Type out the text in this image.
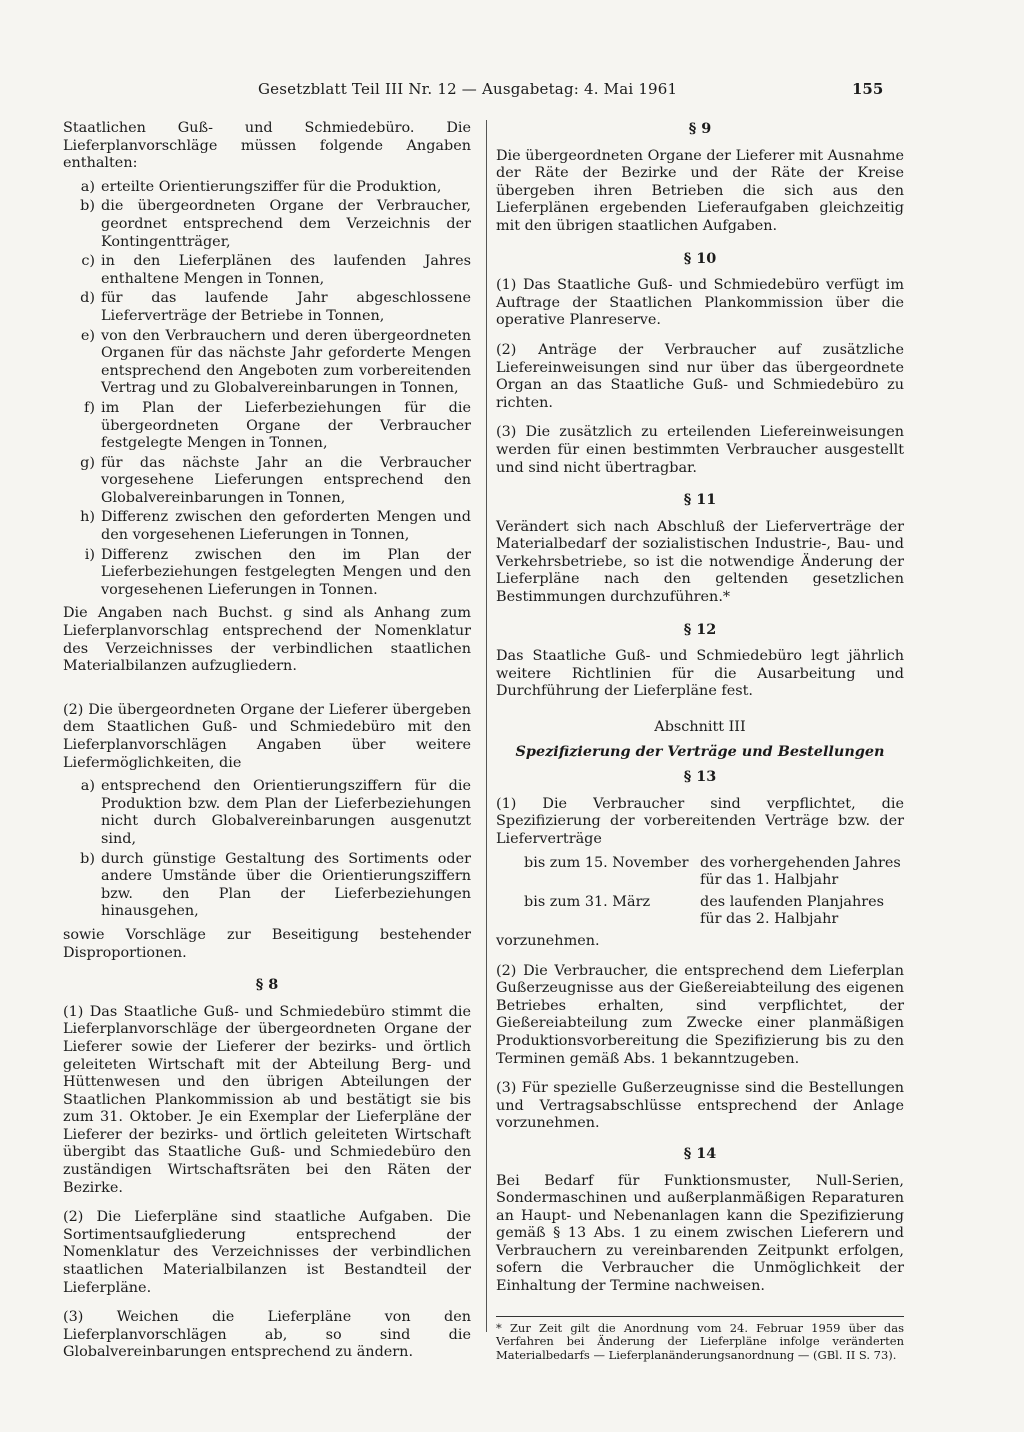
Gesetzblatt Teil III Nr. 12 — Ausgabetag: 4. Mai 1961	155

Staatlichen Guß- und Schmiedebüro. Die Lieferplanvorschläge müssen folgende Angaben enthalten:

a) erteilte Orientierungsziffer für die Produktion,
b) die übergeordneten Organe der Verbraucher, geordnet entsprechend dem Verzeichnis der Kontingentträger,
c) in den Lieferplänen des laufenden Jahres enthaltene Mengen in Tonnen,
d) für das laufende Jahr abgeschlossene Lieferverträge der Betriebe in Tonnen,
e) von den Verbrauchern und deren übergeordneten Organen für das nächste Jahr geforderte Mengen entsprechend den Angeboten zum vorbereitenden Vertrag und zu Globalvereinbarungen in Tonnen,
f) im Plan der Lieferbeziehungen für die übergeordneten Organe der Verbraucher festgelegte Mengen in Tonnen,
g) für das nächste Jahr an die Verbraucher vorgesehene Lieferungen entsprechend den Globalvereinbarungen in Tonnen,
h) Differenz zwischen den geforderten Mengen und den vorgesehenen Lieferungen in Tonnen,
i) Differenz zwischen den im Plan der Lieferbeziehungen festgelegten Mengen und den vorgesehenen Lieferungen in Tonnen.

Die Angaben nach Buchst. g sind als Anhang zum Lieferplanvorschlag entsprechend der Nomenklatur des Verzeichnisses der verbindlichen staatlichen Materialbilanzen aufzugliedern.

(2) Die übergeordneten Organe der Lieferer übergeben dem Staatlichen Guß- und Schmiedebüro mit den Lieferplanvorschlägen Angaben über weitere Liefermöglichkeiten, die

a) entsprechend den Orientierungsziffern für die Produktion bzw. dem Plan der Lieferbeziehungen nicht durch Globalvereinbarungen ausgenutzt sind,
b) durch günstige Gestaltung des Sortiments oder andere Umstände über die Orientierungsziffern bzw. den Plan der Lieferbeziehungen hinausgehen,

sowie Vorschläge zur Beseitigung bestehender Disproportionen.

§ 8

(1) Das Staatliche Guß- und Schmiedebüro stimmt die Lieferplanvorschläge der übergeordneten Organe der Lieferer sowie der Lieferer der bezirks- und örtlich geleiteten Wirtschaft mit der Abteilung Berg- und Hüttenwesen und den übrigen Abteilungen der Staatlichen Plankommission ab und bestätigt sie bis zum 31. Oktober. Je ein Exemplar der Lieferpläne der Lieferer der bezirks- und örtlich geleiteten Wirtschaft übergibt das Staatliche Guß- und Schmiedebüro den zuständigen Wirtschaftsräten bei den Räten der Bezirke.

(2) Die Lieferpläne sind staatliche Aufgaben. Die Sortimentsaufgliederung entsprechend der Nomenklatur des Verzeichnisses der verbindlichen staatlichen Materialbilanzen ist Bestandteil der Lieferpläne.

(3) Weichen die Lieferpläne von den Lieferplanvorschlägen ab, so sind die Globalvereinbarungen entsprechend zu ändern.

§ 9

Die übergeordneten Organe der Lieferer mit Ausnahme der Räte der Bezirke und der Räte der Kreise übergeben ihren Betrieben die sich aus den Lieferplänen ergebenden Lieferaufgaben gleichzeitig mit den übrigen staatlichen Aufgaben.

§ 10

(1) Das Staatliche Guß- und Schmiedebüro verfügt im Auftrage der Staatlichen Plankommission über die operative Planreserve.

(2) Anträge der Verbraucher auf zusätzliche Liefereinweisungen sind nur über das übergeordnete Organ an das Staatliche Guß- und Schmiedebüro zu richten.

(3) Die zusätzlich zu erteilenden Liefereinweisungen werden für einen bestimmten Verbraucher ausgestellt und sind nicht übertragbar.

§ 11

Verändert sich nach Abschluß der Lieferverträge der Materialbedarf der sozialistischen Industrie-, Bau- und Verkehrsbetriebe, so ist die notwendige Änderung der Lieferpläne nach den geltenden gesetzlichen Bestimmungen durchzuführen.*

§ 12

Das Staatliche Guß- und Schmiedebüro legt jährlich weitere Richtlinien für die Ausarbeitung und Durchführung der Lieferpläne fest.

Abschnitt III
Spezifizierung der Verträge und Bestellungen
§ 13

(1) Die Verbraucher sind verpflichtet, die Spezifizierung der vorbereitenden Verträge bzw. der Lieferverträge

bis zum 15. November des vorhergehenden Jahres für das 1. Halbjahr
bis zum 31. März	des laufenden Planjahres für das 2. Halbjahr

vorzunehmen.

(2) Die Verbraucher, die entsprechend dem Lieferplan Gußerzeugnisse aus der Gießereiabteilung des eigenen Betriebes erhalten, sind verpflichtet, der Gießereiabteilung zum Zwecke einer planmäßigen Produktionsvorbereitung die Spezifizierung bis zu den Terminen gemäß Abs. 1 bekanntzugeben.

(3) Für spezielle Gußerzeugnisse sind die Bestellungen und Vertragsabschlüsse entsprechend der Anlage vorzunehmen.

§ 14

Bei Bedarf für Funktionsmuster, Null-Serien, Sondermaschinen und außerplanmäßigen Reparaturen an Haupt- und Nebenanlagen kann die Spezifizierung gemäß § 13 Abs. 1 zu einem zwischen Lieferern und Verbrauchern zu vereinbarenden Zeitpunkt erfolgen, sofern die Verbraucher die Unmöglichkeit der Einhaltung der Termine nachweisen.

* Zur Zeit gilt die Anordnung vom 24. Februar 1959 über das Verfahren bei Änderung der Lieferpläne infolge veränderten Materialbedarfs — Lieferplanänderungsanordnung — (GBl. II S. 73).
